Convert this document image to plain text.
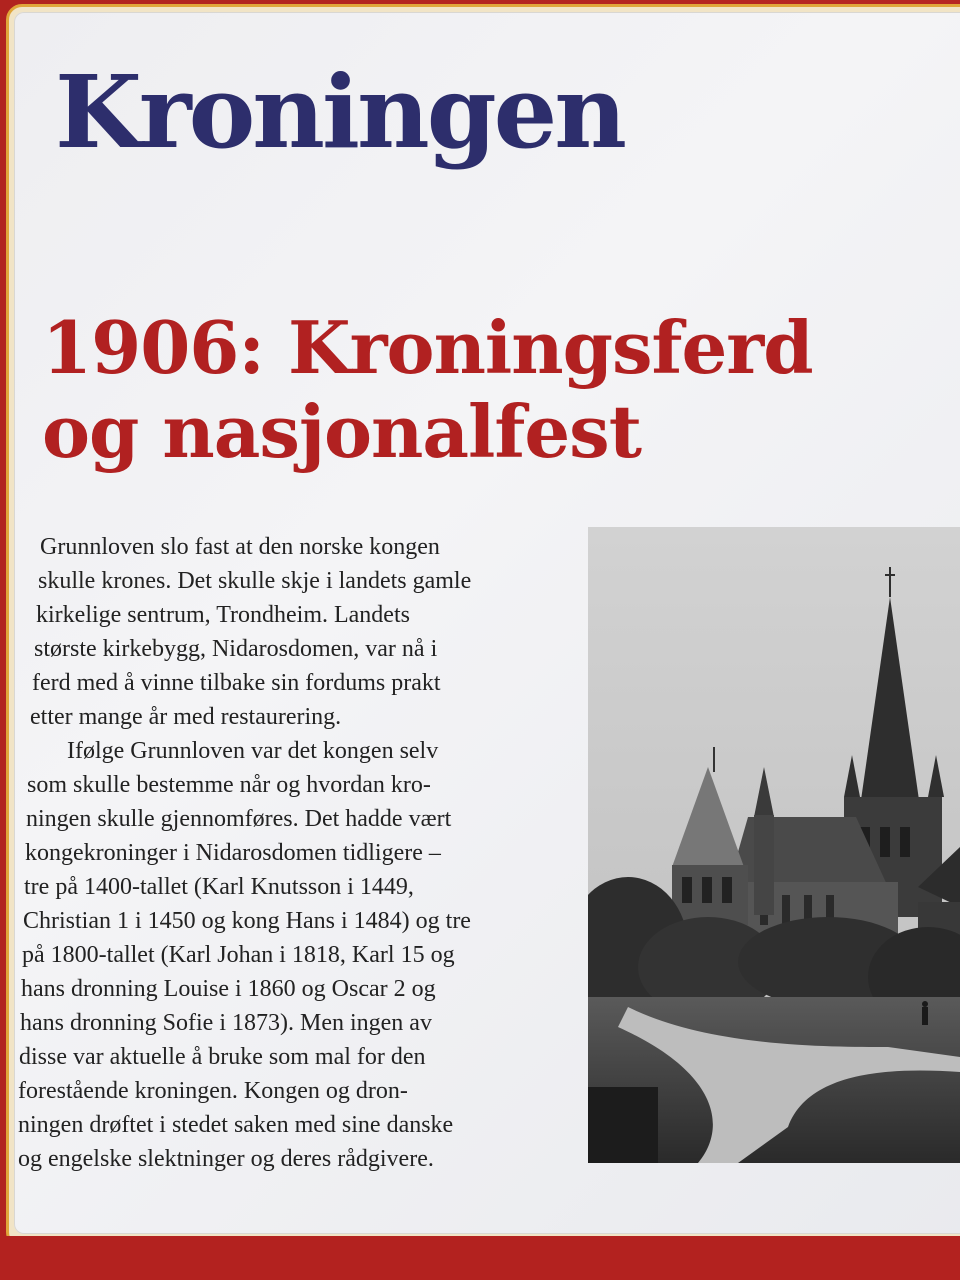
Kroningen
1906: Kroningsferd
og nasjonalfest
Grunnloven slo fast at den norske kongen
skulle krones. Det skulle skje i landets gamle
kirkelige sentrum, Trondheim. Landets
største kirkebygg, Nidarosdomen, var nå i
ferd med å vinne tilbake sin fordums prakt
etter mange år med restaurering.
Ifølge Grunnloven var det kongen selv
som skulle bestemme når og hvordan kro-
ningen skulle gjennomføres. Det hadde vært
kongekroninger i Nidarosdomen tidligere –
tre på 1400-tallet (Karl Knutsson i 1449,
Christian 1 i 1450 og kong Hans i 1484) og tre
på 1800-tallet (Karl Johan i 1818, Karl 15 og
hans dronning Louise i 1860 og Oscar 2 og
hans dronning Sofie i 1873). Men ingen av
disse var aktuelle å bruke som mal for den
forestående kroningen. Kongen og dron-
ningen drøftet i stedet saken med sine danske
og engelske slektninger og deres rådgivere.
